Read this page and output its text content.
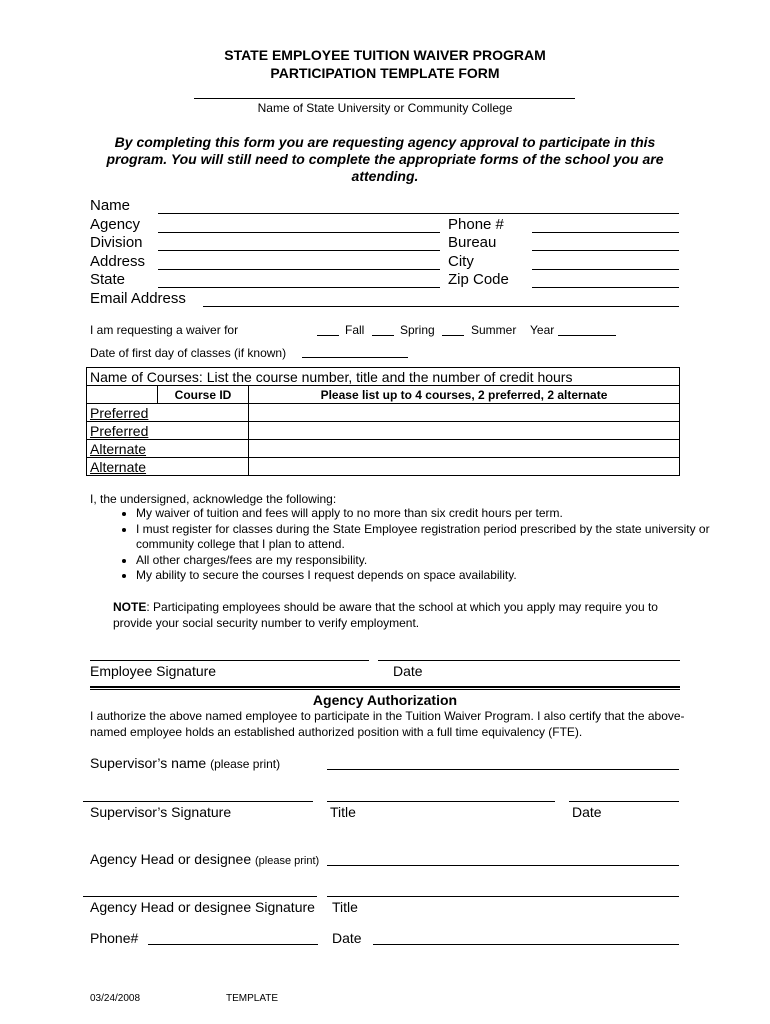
STATE EMPLOYEE TUITION WAIVER PROGRAM
PARTICIPATION TEMPLATE FORM
Name of State University or Community College
By completing this form you are requesting agency approval to participate in this program. You will still need to complete the appropriate forms of the school you are attending.
Name
Agency	Phone #
Division	Bureau
Address	City
State	Zip Code
Email Address
I am requesting a waiver for	Fall	Spring	Summer Year
Date of first day of classes (if known)
Name of Courses: List the course number, title and the number of credit hours		
	Course ID	Please list up to 4 courses, 2 preferred, 2 alternate
Preferred		
Preferred		
Alternate		
Alternate		
I, the undersigned, acknowledge the following:
• My waiver of tuition and fees will apply to no more than six credit hours per term.
• I must register for classes during the State Employee registration period prescribed by the state university or community college that I plan to attend.
• All other charges/fees are my responsibility.
• My ability to secure the courses I request depends on space availability.
NOTE: Participating employees should be aware that the school at which you apply may require you to provide your social security number to verify employment.
Employee Signature	Date
Agency Authorization
I authorize the above named employee to participate in the Tuition Waiver Program. I also certify that the above-named employee holds an established authorized position with a full time equivalency (FTE).
Supervisor’s name (please print)
Supervisor’s Signature	Title	Date
Agency Head or designee (please print)
Agency Head or designee Signature Title
Phone#	Date
03/24/2008	TEMPLATE
